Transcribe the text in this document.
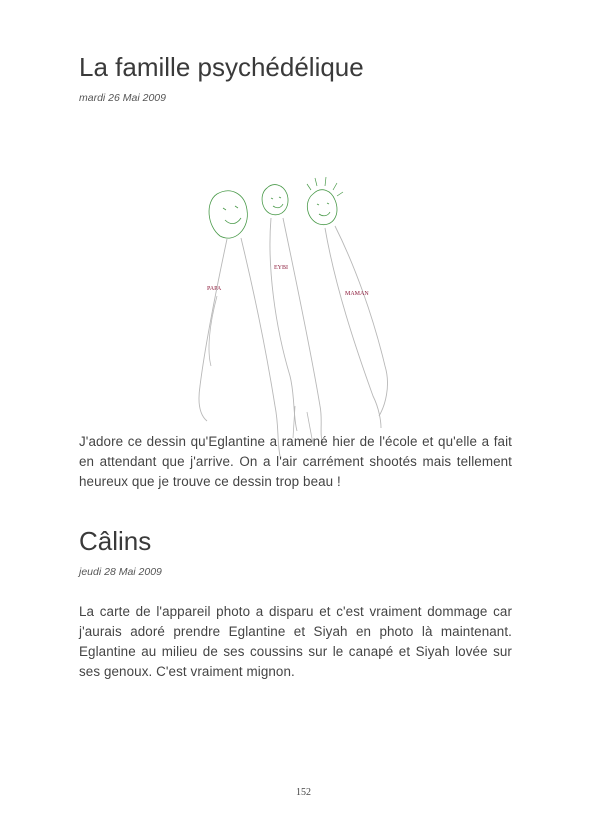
La famille psychédélique

mardi 26 Mai 2009

PAPA
EYBI
MAMAN

J'adore ce dessin qu'Eglantine a ramené hier de l'école et qu'elle a fait en attendant que j'arrive. On a l'air carrément shootés mais tellement heureux que je trouve ce dessin trop beau !

Câlins

jeudi 28 Mai 2009

La carte de l'appareil photo a disparu et c'est vraiment dommage car j'aurais adoré prendre Eglantine et Siyah en photo là maintenant. Eglantine au milieu de ses coussins sur le canapé et Siyah lovée sur ses genoux. C'est vraiment mignon.

152
